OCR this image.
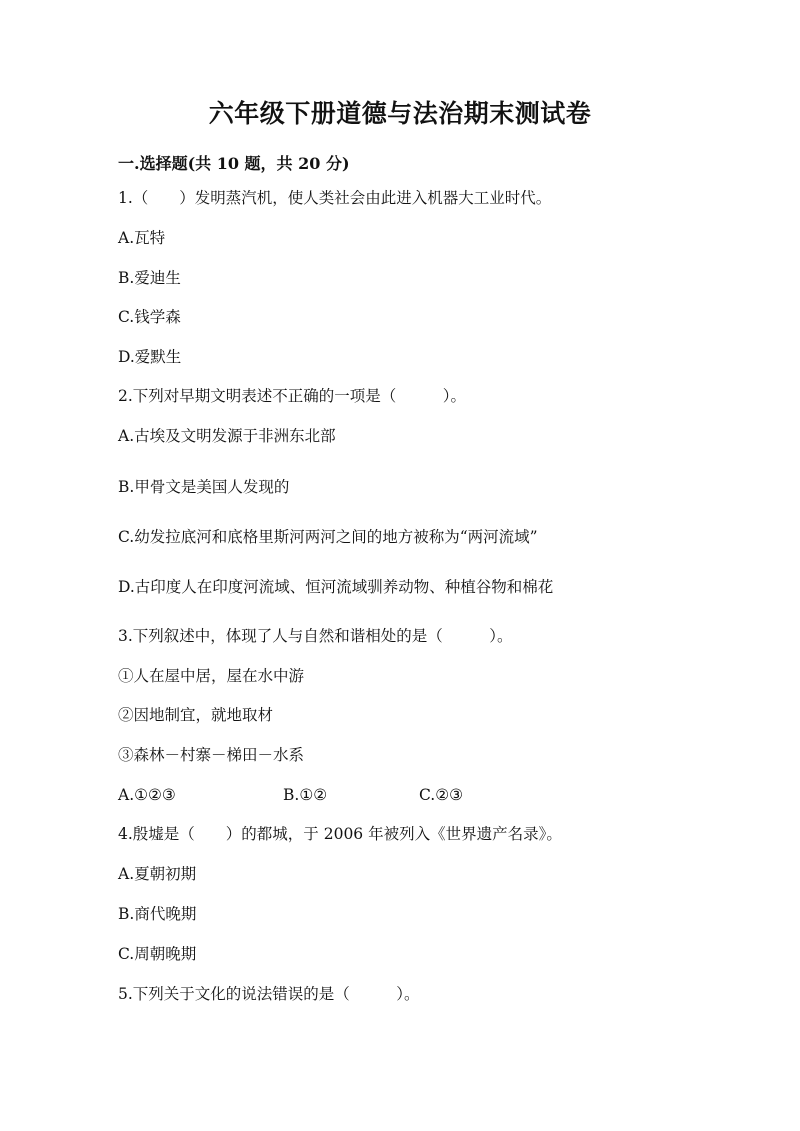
六年级下册道德与法治期末测试卷
一.选择题(共 10 题，共 20 分)
1.（　　）发明蒸汽机，使人类社会由此进入机器大工业时代。
A.瓦特
B.爱迪生
C.钱学森
D.爱默生
2.下列对早期文明表述不正确的一项是（　　　）。
A.古埃及文明发源于非洲东北部
B.甲骨文是美国人发现的
C.幼发拉底河和底格里斯河两河之间的地方被称为“两河流域”
D.古印度人在印度河流域、恒河流域驯养动物、种植谷物和棉花
3.下列叙述中，体现了人与自然和谐相处的是（　　　）。
①人在屋中居，屋在水中游
②因地制宜，就地取材
③森林－村寨－梯田－水系
A.①②③	B.①②	C.②③
4.殷墟是（　　）的都城，于 2006 年被列入《世界遗产名录》。
A.夏朝初期
B.商代晚期
C.周朝晚期
5.下列关于文化的说法错误的是（　　　）。
